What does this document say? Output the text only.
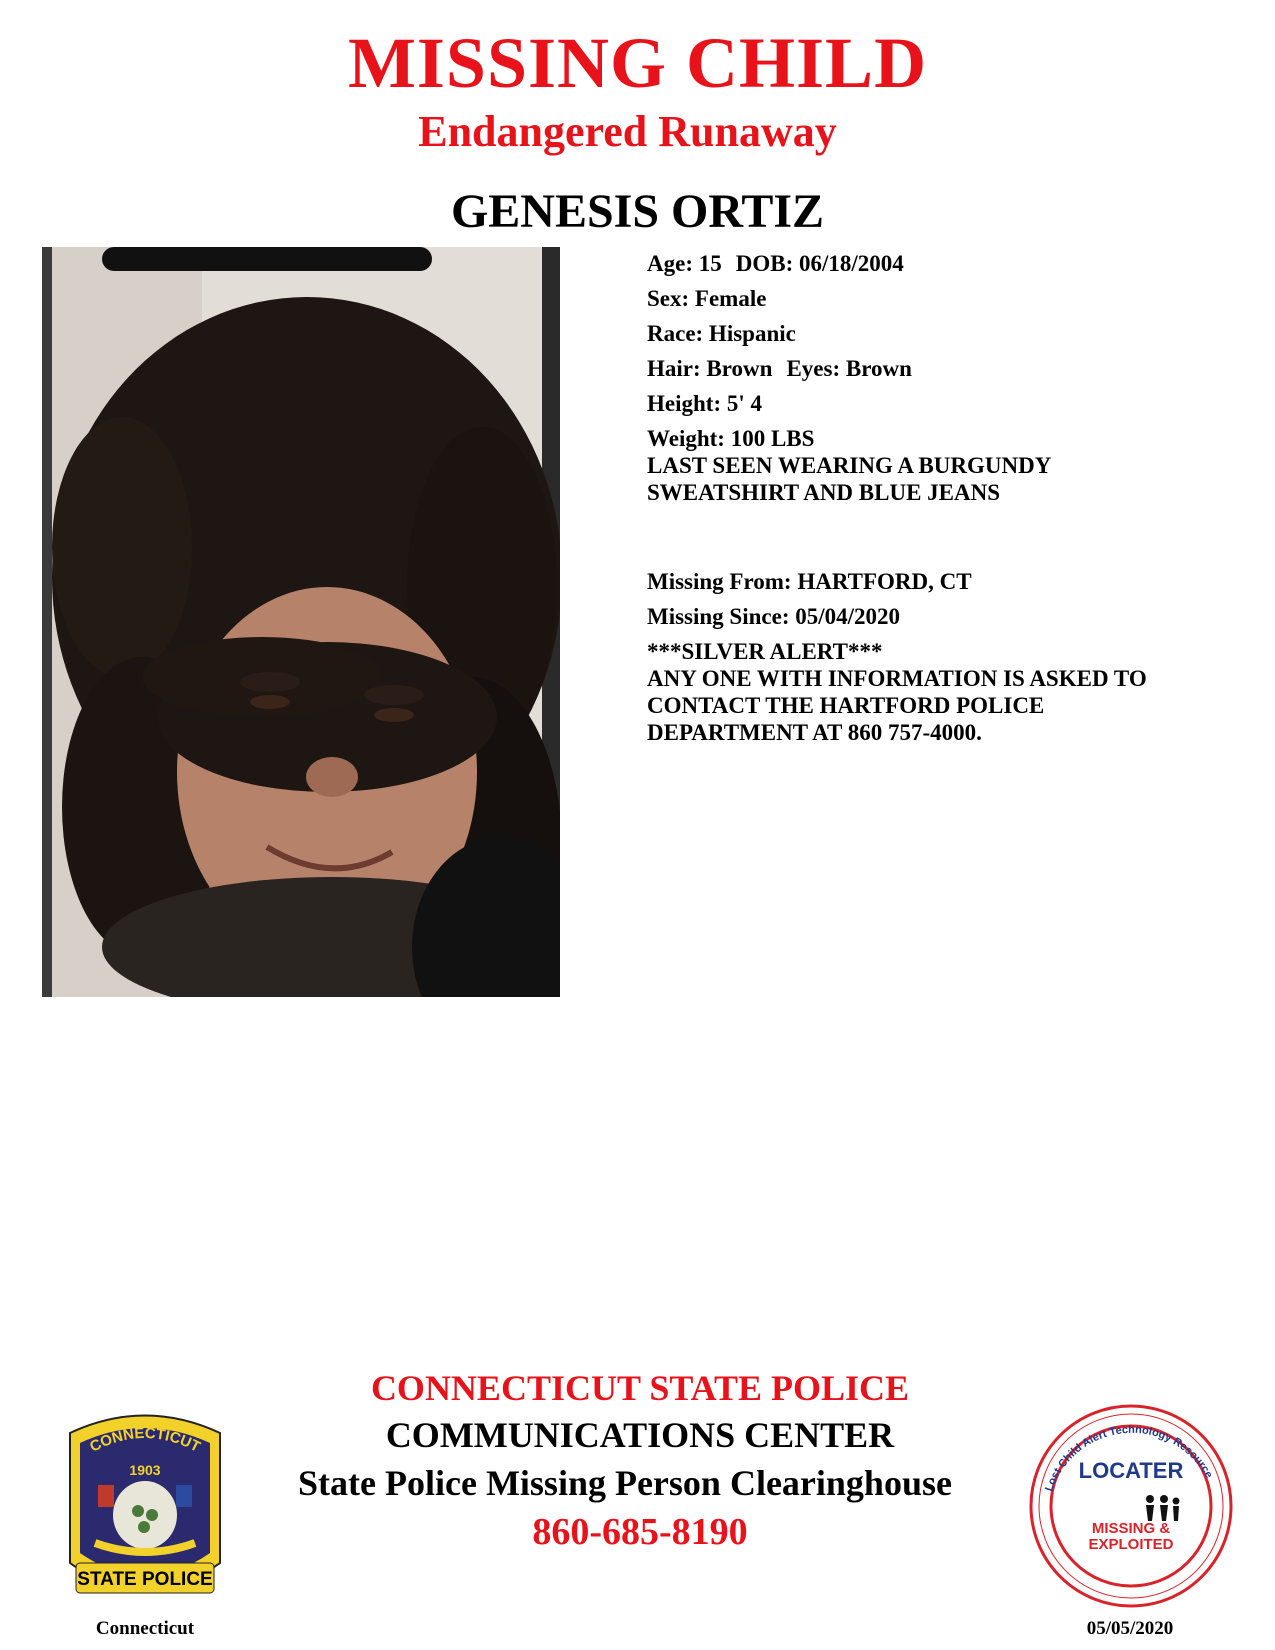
MISSING CHILD
Endangered Runaway
GENESIS ORTIZ
Age: 15 DOB: 06/18/2004
Sex: Female
Race: Hispanic
Hair: Brown Eyes: Brown
Height: 5' 4
Weight: 100 LBS
LAST SEEN WEARING A BURGUNDY
SWEATSHIRT AND BLUE JEANS
Missing From: HARTFORD, CT
Missing Since: 05/04/2020
***SILVER ALERT***
ANY ONE WITH INFORMATION IS ASKED TO
CONTACT THE HARTFORD POLICE
DEPARTMENT AT 860 757-4000.
CONNECTICUT STATE POLICE
COMMUNICATIONS CENTER
State Police Missing Person Clearinghouse
860-685-8190
CONNECTICUT
1903
STATE POLICE
Connecticut
Lost Child Alert Technology Resource
LOCATER
MISSING &
EXPLOITED
05/05/2020
